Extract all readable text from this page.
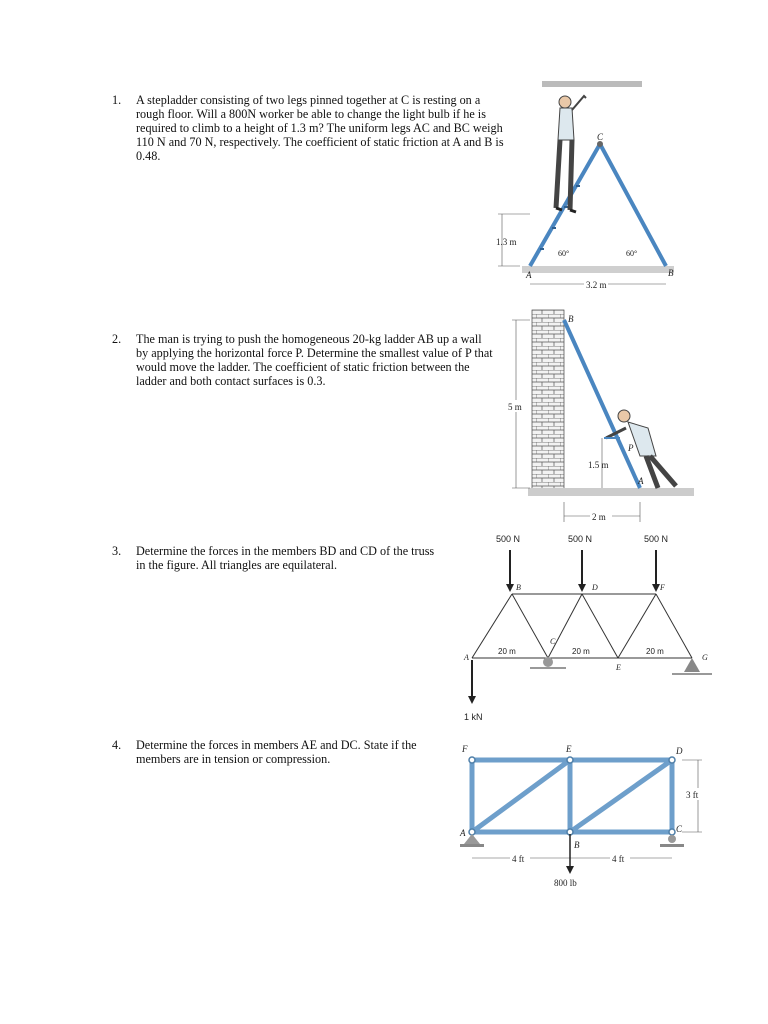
1. A stepladder consisting of two legs pinned together at C is resting on a rough floor. Will a 800N worker be able to change the light bulb if he is required to climb to a height of 1.3 m? The uniform legs AC and BC weigh 110 N and 70 N, respectively. The coefficient of static friction at A and B is 0.48.
1.3 m
60°	60°
A	B
C
3.2 m
2. The man is trying to push the homogeneous 20-kg ladder AB up a wall by applying the horizontal force P. Determine the smallest value of P that would move the ladder. The coefficient of static friction between the ladder and both contact surfaces is 0.3.
B
A
P
5 m
1.5 m
2 m
3. Determine the forces in the members BD and CD of the truss in the figure. All triangles are equilateral.
500 N	500 N	500 N
B
C
D
E
F
A	G
20 m	20 m	20 m
1 kN
4. Determine the forces in members AE and DC. State if the members are in tension or compression.
F	E	D
A
B
C
3 ft
4 ft	4 ft
800 lb
